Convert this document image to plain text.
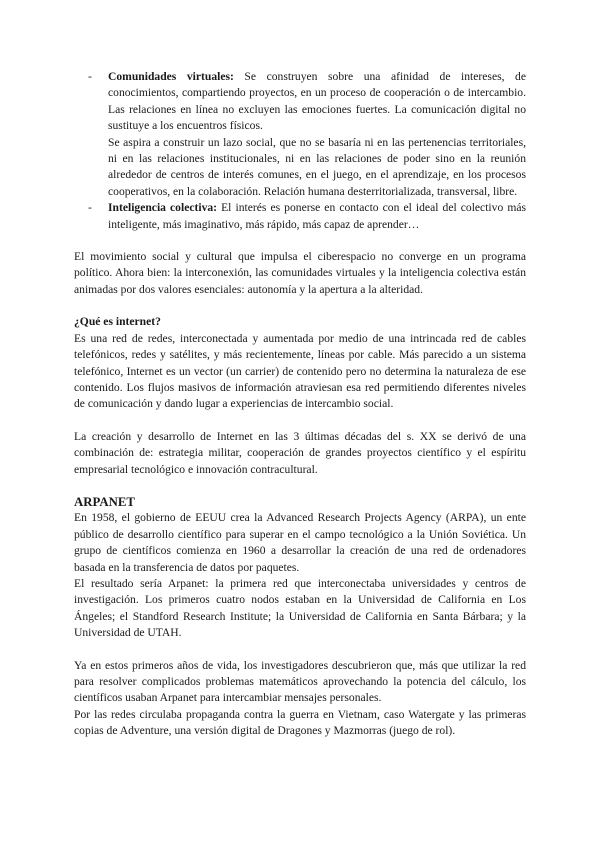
- Comunidades virtuales: Se construyen sobre una afinidad de intereses, de conocimientos, compartiendo proyectos, en un proceso de cooperación o de intercambio. Las relaciones en línea no excluyen las emociones fuertes. La comunicación digital no sustituye a los encuentros físicos.

Se aspira a construir un lazo social, que no se basaría ni en las pertenencias territoriales, ni en las relaciones institucionales, ni en las relaciones de poder sino en la reunión alrededor de centros de interés comunes, en el juego, en el aprendizaje, en los procesos cooperativos, en la colaboración. Relación humana desterritorializada, transversal, libre.

- Inteligencia colectiva: El interés es ponerse en contacto con el ideal del colectivo más inteligente, más imaginativo, más rápido, más capaz de aprender…

El movimiento social y cultural que impulsa el ciberespacio no converge en un programa político. Ahora bien: la interconexión, las comunidades virtuales y la inteligencia colectiva están animadas por dos valores esenciales: autonomía y la apertura a la alteridad.

¿Qué es internet?

Es una red de redes, interconectada y aumentada por medio de una intrincada red de cables telefónicos, redes y satélites, y más recientemente, líneas por cable. Más parecido a un sistema telefónico, Internet es un vector (un carrier) de contenido pero no determina la naturaleza de ese contenido. Los flujos masivos de información atraviesan esa red permitiendo diferentes niveles de comunicación y dando lugar a experiencias de intercambio social.

La creación y desarrollo de Internet en las 3 últimas décadas del s. XX se derivó de una combinación de: estrategia militar, cooperación de grandes proyectos científico y el espíritu empresarial tecnológico e innovación contracultural.

ARPANET

En 1958, el gobierno de EEUU crea la Advanced Research Projects Agency (ARPA), un ente público de desarrollo científico para superar en el campo tecnológico a la Unión Soviética. Un grupo de científicos comienza en 1960 a desarrollar la creación de una red de ordenadores basada en la transferencia de datos por paquetes.

El resultado sería Arpanet: la primera red que interconectaba universidades y centros de investigación. Los primeros cuatro nodos estaban en la Universidad de California en Los Ángeles; el Standford Research Institute; la Universidad de California en Santa Bárbara; y la Universidad de UTAH.

Ya en estos primeros años de vida, los investigadores descubrieron que, más que utilizar la red para resolver complicados problemas matemáticos aprovechando la potencia del cálculo, los científicos usaban Arpanet para intercambiar mensajes personales.

Por las redes circulaba propaganda contra la guerra en Vietnam, caso Watergate y las primeras copias de Adventure, una versión digital de Dragones y Mazmorras (juego de rol).
